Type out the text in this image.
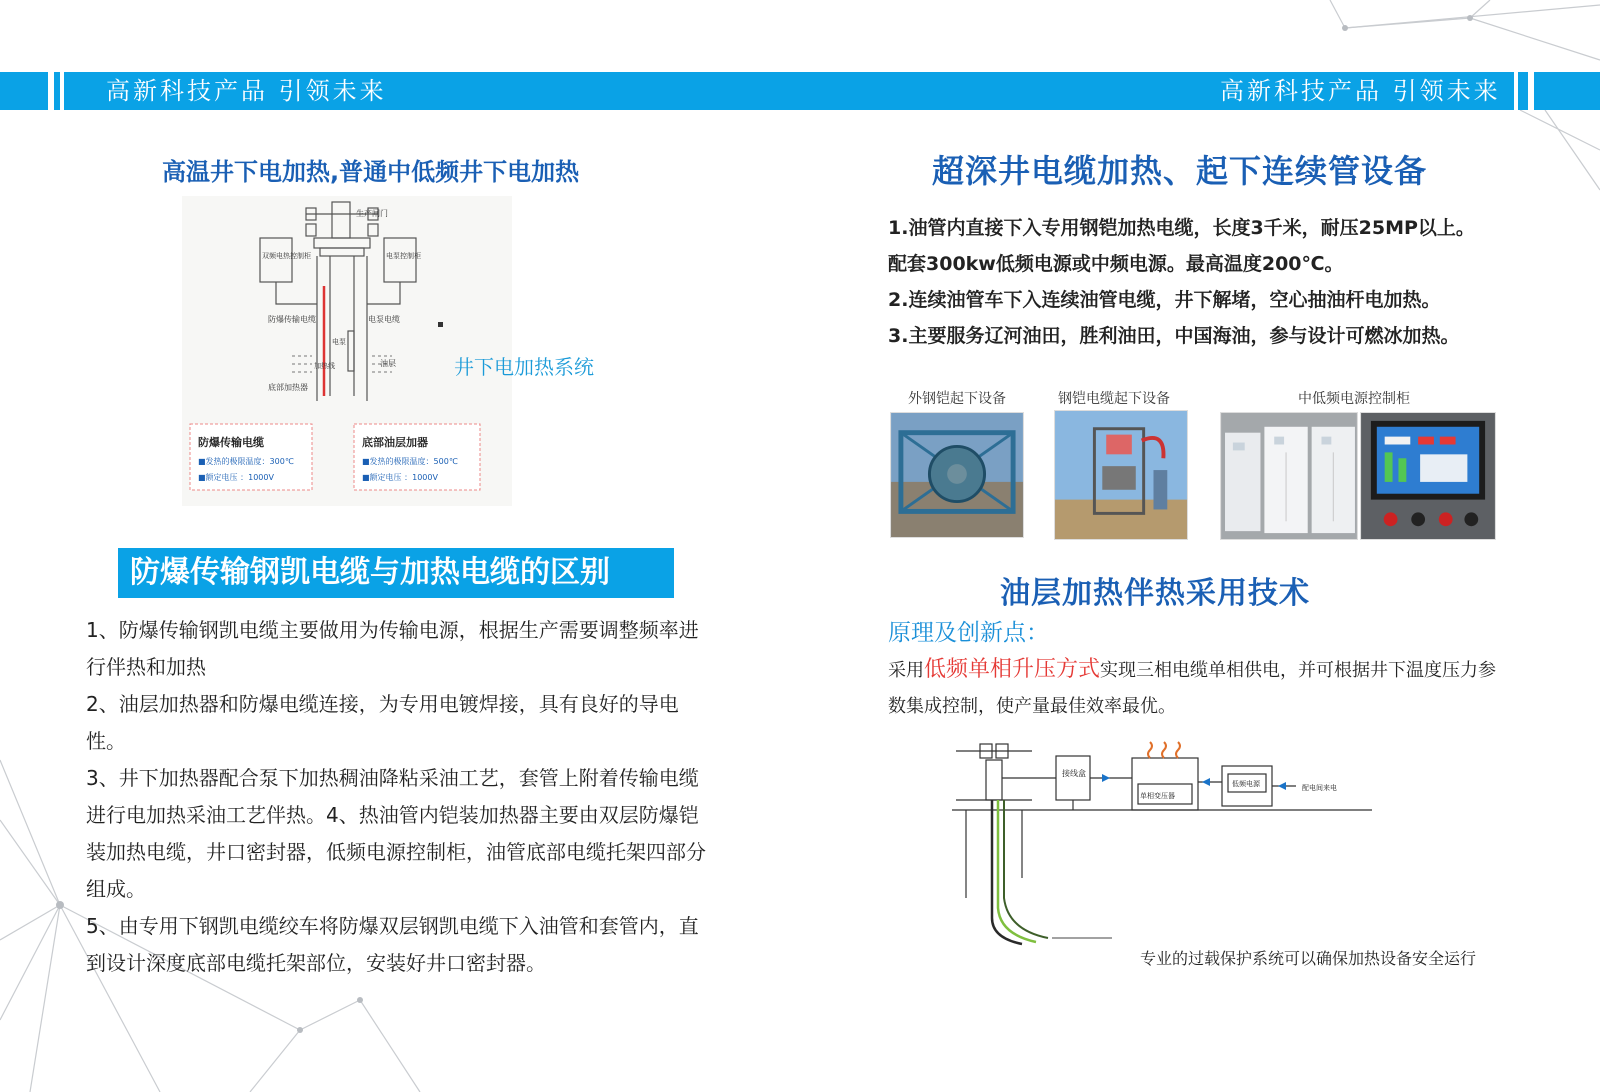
高新科技产品 引领未来	高新科技产品 引领未来
高温井下电加热,普通中低频井下电加热
生产闸门
双频电热控制柜	电泵控制柜
防爆传输电缆	电泵电缆
油层
底部加热器
电泵
加热线	井下电加热系统
防爆传输电缆
■发热的极限温度：300℃
■额定电压 ：1000V
底部油层加器
■发热的极限温度：500℃
■额定电压 ：1000V
防爆传输钢凯电缆与加热电缆的区别

1、防爆传输钢凯电缆主要做用为传输电源，根据生产需要调整频率进行伴热和加热

2、油层加热器和防爆电缆连接，为专用电镀焊接，具有良好的导电性。

3、井下加热器配合泵下加热稠油降粘采油工艺，套管上附着传输电缆进行电加热采油工艺伴热。4、热油管内铠装加热器主要由双层防爆铠装加热电缆，井口密封器，低频电源控制柜，油管底部电缆托架四部分组成。

5、由专用下钢凯电缆绞车将防爆双层钢凯电缆下入油管和套管内，直到设计深度底部电缆托架部位，安装好井口密封器。

超深井电缆加热、起下连续管设备

1.油管内直接下入专用钢铠加热电缆，长度3千米，耐压25MP以上。

配套300kw低频电源或中频电源。最高温度200℃。

2.连续油管车下入连续油管电缆，井下解堵，空心抽油杆电加热。

3.主要服务辽河油田，胜利油田，中国海油，参与设计可燃冰加热。

外钢铠起下设备	钢铠电缆起下设备	中低频电源控制柜
油层加热伴热采用技术
原理及创新点：
采用低频单相升压方式实现三相电缆单相供电，并可根据井下温度压力参数集成控制，使产量最佳效率最优。
接线盒
单相变压器
低频电源	配电间来电
专业的过载保护系统可以确保加热设备安全运行
